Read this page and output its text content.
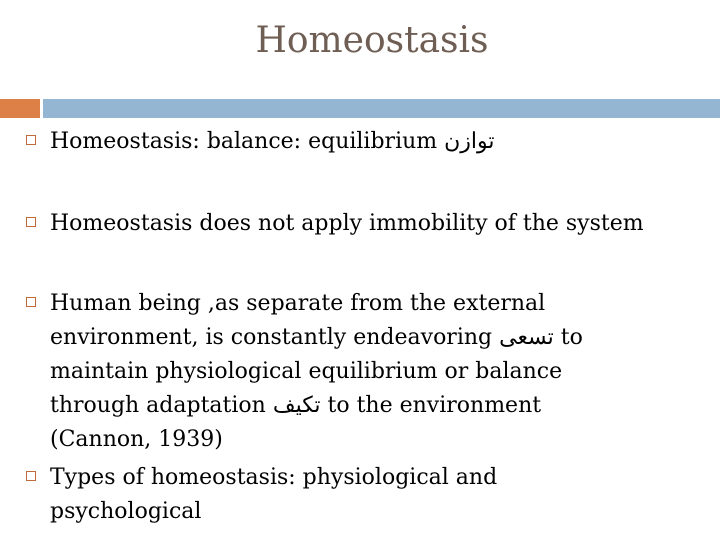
Homeostasis
Homeostasis: balance: equilibrium توازن
Homeostasis does not apply immobility of the system
Human being ,as separate from the external
environment, is constantly endeavoring تسعى to
maintain physiological equilibrium or balance
through adaptation تكيف to the environment
(Cannon, 1939)
Types of homeostasis: physiological and
psychological
